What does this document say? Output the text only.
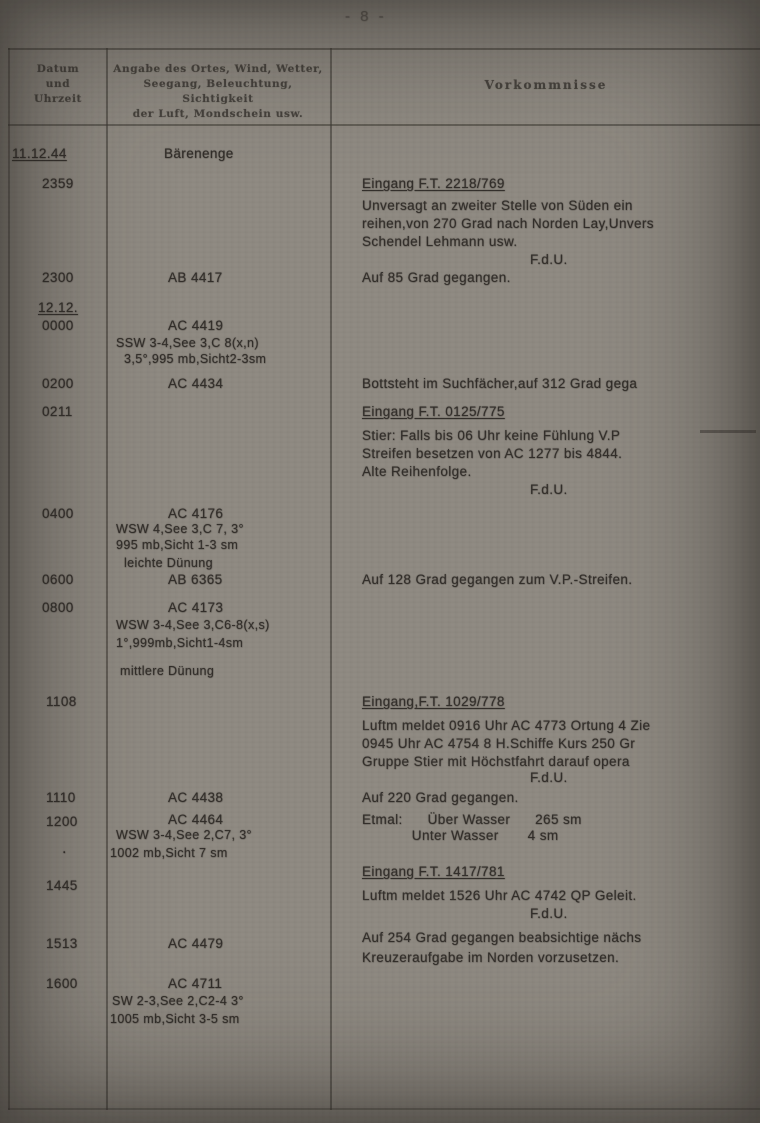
- 8 -
Datum
und
Uhrzeit
Angabe des Ortes, Wind, Wetter,
Seegang, Beleuchtung, Sichtigkeit
der Luft, Mondschein usw.
Vorkommnisse
11.12.44
2359
2300
12.12.
0000
0200
0211
0400
0600
0800
1108
1110
1200
1445
1513
1600
.
Bärenenge
AB 4417
AC 4419
SSW 3-4,See 3,C 8(x,n)
3,5°,995 mb,Sicht2-3sm
AC 4434
AC 4176
WSW 4,See 3,C 7, 3°
995 mb,Sicht 1-3 sm
leichte Dünung
AB 6365
AC 4173
WSW 3-4,See 3,C6-8(x,s)
1°,999mb,Sicht1-4sm
mittlere Dünung
AC 4438
AC 4464
WSW 3-4,See 2,C7, 3°
1002 mb,Sicht 7 sm
AC 4479
AC 4711
SW 2-3,See 2,C2-4 3°
1005 mb,Sicht 3-5 sm
Eingang F.T. 2218/769
Unversagt an zweiter Stelle von Süden ein
reihen,von 270 Grad nach Norden Lay,Unvers
Schendel Lehmann usw.
F.d.U.
Auf 85 Grad gegangen.
Bottsteht im Suchfächer,auf 312 Grad gega
Eingang F.T. 0125/775
Stier: Falls bis 06 Uhr keine Fühlung V.P
Streifen besetzen von AC 1277 bis 4844.
Alte Reihenfolge.
F.d.U.
Auf 128 Grad gegangen zum V.P.-Streifen.
Eingang,F.T. 1029/778
Luftm meldet 0916 Uhr AC 4773 Ortung 4 Zie
0945 Uhr AC 4754 8 H.Schiffe Kurs 250 Gr
Gruppe Stier mit Höchstfahrt darauf opera
F.d.U.
Auf 220 Grad gegangen.
Etmal:      Über Wasser      265 sm
Unter Wasser       4 sm
Eingang F.T. 1417/781
Luftm meldet 1526 Uhr AC 4742 QP Geleit.
F.d.U.
Auf 254 Grad gegangen beabsichtige nächs
Kreuzeraufgabe im Norden vorzusetzen.
